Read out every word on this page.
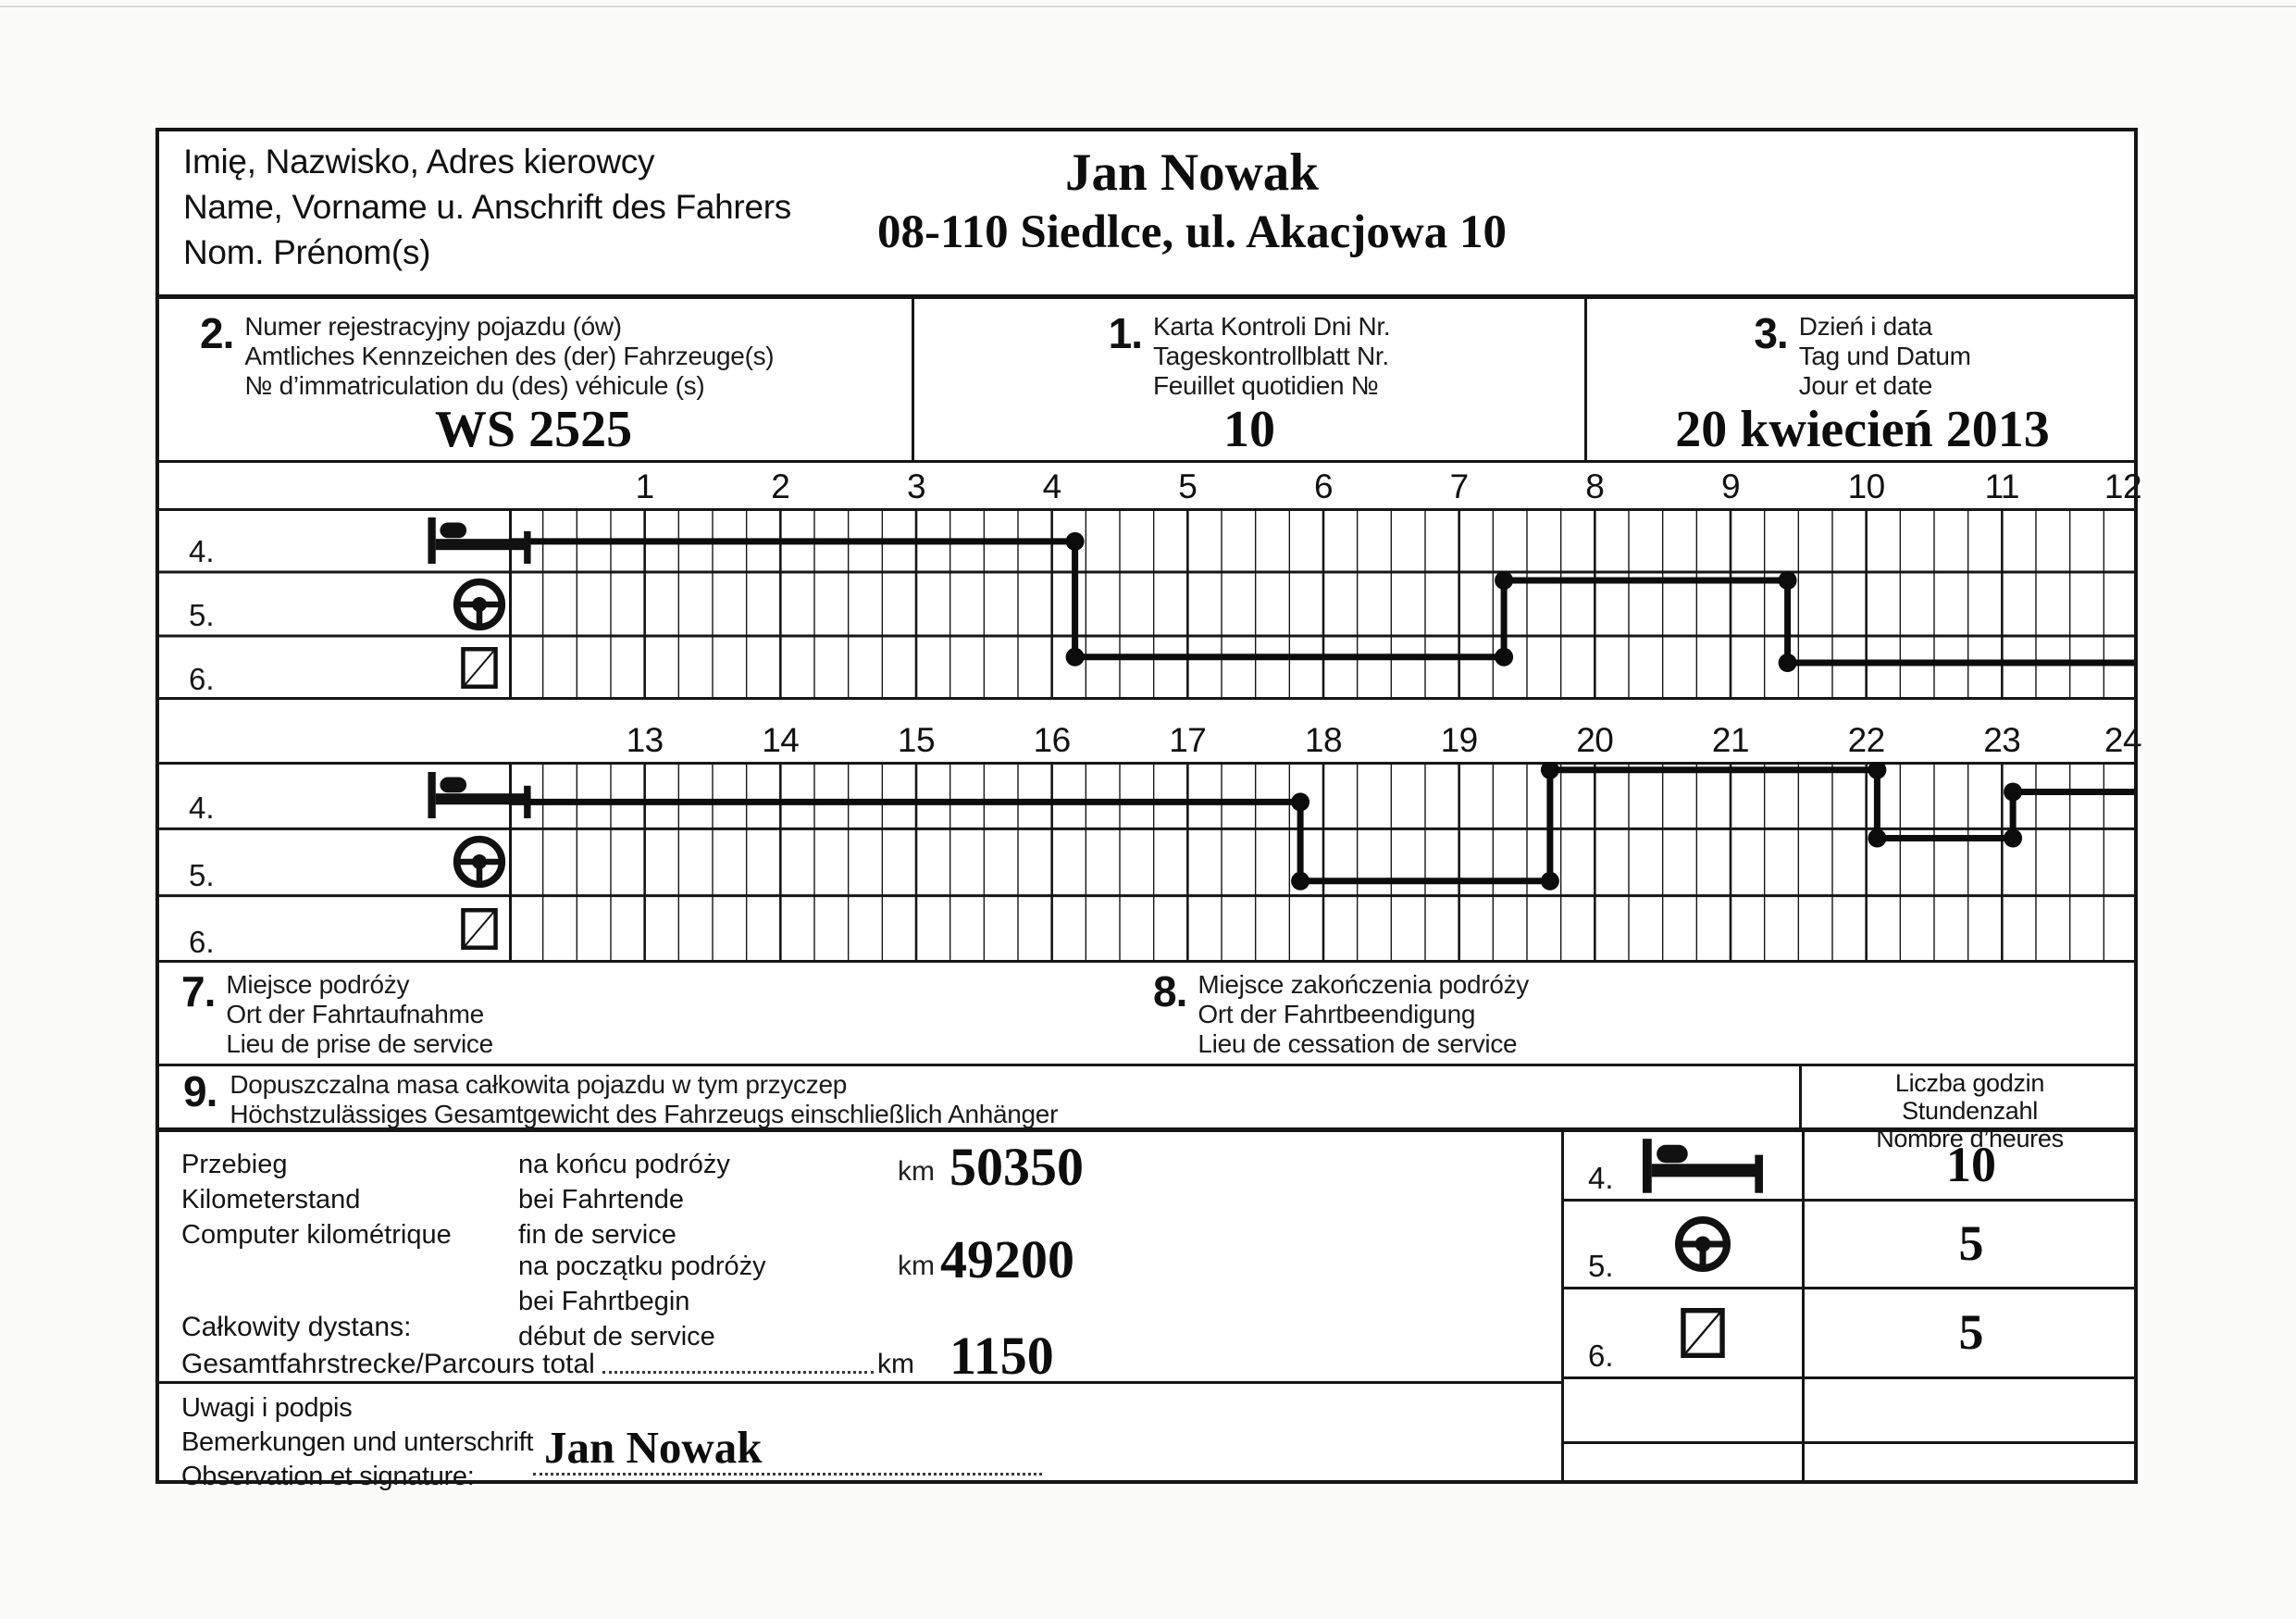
Imię, Nazwisko, Adres kierowcy
Name, Vorname u. Anschrift des Fahrers
Nom. Prénom(s)
Jan Nowak
08-110 Siedlce, ul. Akacjowa 10
2. Numer rejestracyjny pojazdu (ów)
Amtliches Kennzeichen des (der) Fahrzeuge(s)
№ d’immatriculation du (des) véhicule (s)
WS 2525
1. Karta Kontroli Dni Nr.
Tageskontrollblatt Nr.
Feuillet quotidien №
10
3. Dzień i data
Tag und Datum
Jour et date
20 kwiecień 2013
1	2	3	4	5	6	7	8	9	10	11 12
13	14	15	16	17	18	19	20	21	22	23 24
4.
5.
6.
4.
5.
6.
7. Miejsce podróży
Ort der Fahrtaufnahme
Lieu de prise de service
8. Miejsce zakończenia podróży
Ort der Fahrtbeendigung
Lieu de cessation de service
9. Dopuszczalna masa całkowita pojazdu w tym przyczep
Höchstzulässiges Gesamtgewicht des Fahrzeugs einschließlich Anhänger
Liczba godzin
Stundenzahl
Nombre d’heures
Przebieg
Kilometerstand
Computer kilométrique
na końcu podróży
bei Fahrtende
fin de service
km 50350
na początku podróży
bei Fahrtbegin
début de service
km 49200
Całkowity dystans:
Gesamtfahrstrecke/Parcours total	km 1150
Uwagi i podpis
Bemerkungen und unterschrift
Observation et signature:
Jan Nowak
4.	10
5.	5
6.	5
